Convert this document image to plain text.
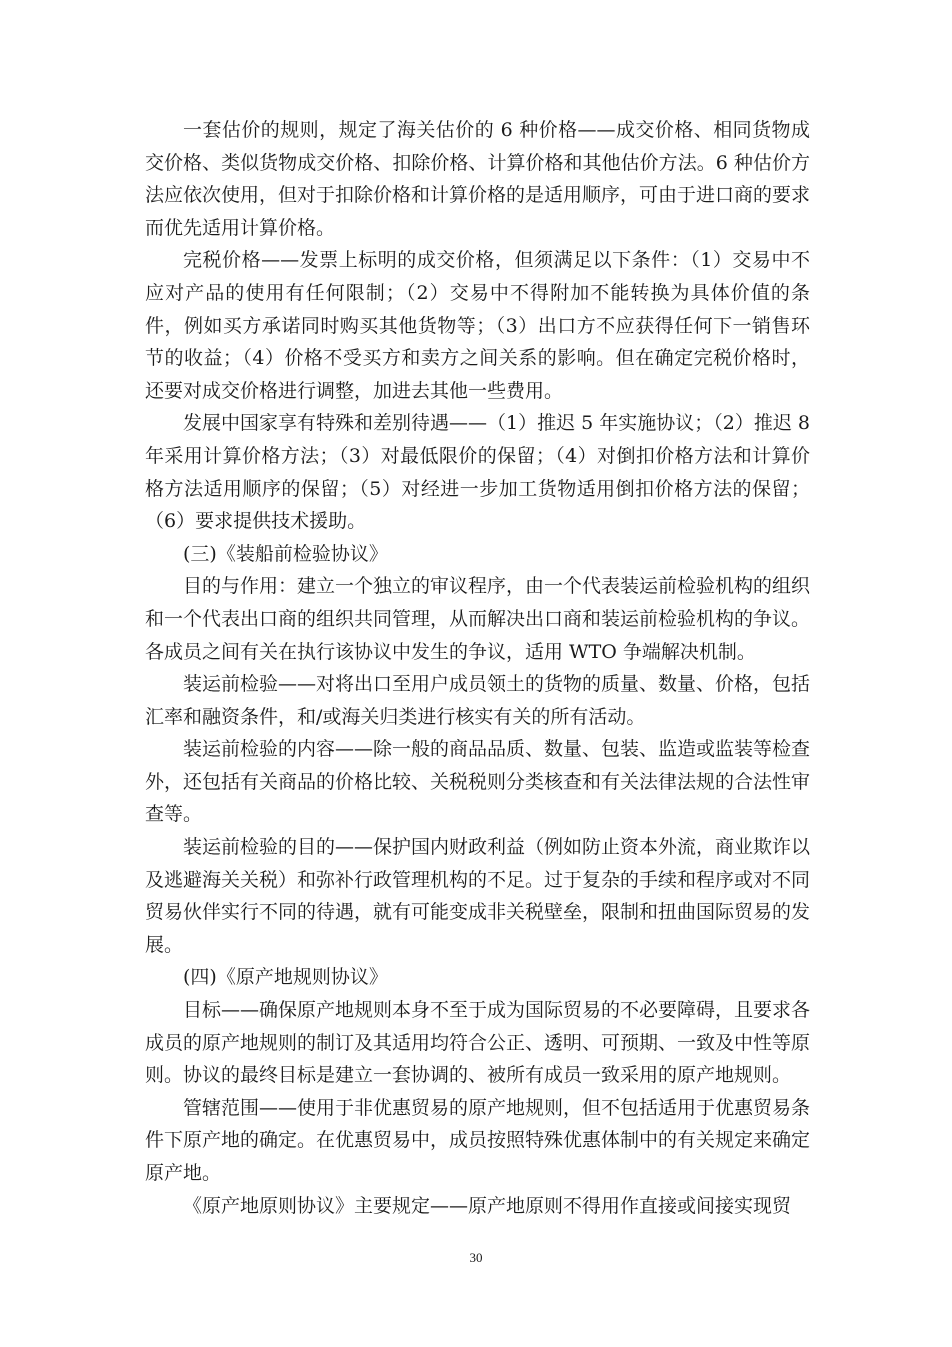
一套估价的规则，规定了海关估价的 6 种价格——成交价格、相同货物成交价格、类似货物成交价格、扣除价格、计算价格和其他估价方法。6 种估价方法应依次使用，但对于扣除价格和计算价格的是适用顺序，可由于进口商的要求而优先适用计算价格。

完税价格——发票上标明的成交价格，但须满足以下条件：（1）交易中不应对产品的使用有任何限制；（2）交易中不得附加不能转换为具体价值的条件，例如买方承诺同时购买其他货物等；（3）出口方不应获得任何下一销售环节的收益；（4）价格不受买方和卖方之间关系的影响。但在确定完税价格时，还要对成交价格进行调整，加进去其他一些费用。

发展中国家享有特殊和差别待遇——（1）推迟 5 年实施协议；（2）推迟 8 年采用计算价格方法；（3）对最低限价的保留；（4）对倒扣价格方法和计算价格方法适用顺序的保留；（5）对经进一步加工货物适用倒扣价格方法的保留；（6）要求提供技术援助。

(三)《装船前检验协议》

目的与作用：建立一个独立的审议程序，由一个代表装运前检验机构的组织和一个代表出口商的组织共同管理，从而解决出口商和装运前检验机构的争议。各成员之间有关在执行该协议中发生的争议，适用 WTO 争端解决机制。

装运前检验——对将出口至用户成员领土的货物的质量、数量、价格，包括汇率和融资条件，和/或海关归类进行核实有关的所有活动。

装运前检验的内容——除一般的商品品质、数量、包装、监造或监装等检查外，还包括有关商品的价格比较、关税税则分类核查和有关法律法规的合法性审查等。

装运前检验的目的——保护国内财政利益（例如防止资本外流，商业欺诈以及逃避海关关税）和弥补行政管理机构的不足。过于复杂的手续和程序或对不同贸易伙伴实行不同的待遇，就有可能变成非关税壁垒，限制和扭曲国际贸易的发展。

(四)《原产地规则协议》

目标——确保原产地规则本身不至于成为国际贸易的不必要障碍，且要求各成员的原产地规则的制订及其适用均符合公正、透明、可预期、一致及中性等原则。协议的最终目标是建立一套协调的、被所有成员一致采用的原产地规则。

管辖范围——使用于非优惠贸易的原产地规则，但不包括适用于优惠贸易条件下原产地的确定。在优惠贸易中，成员按照特殊优惠体制中的有关规定来确定原产地。

《原产地原则协议》主要规定——原产地原则不得用作直接或间接实现贸

30
